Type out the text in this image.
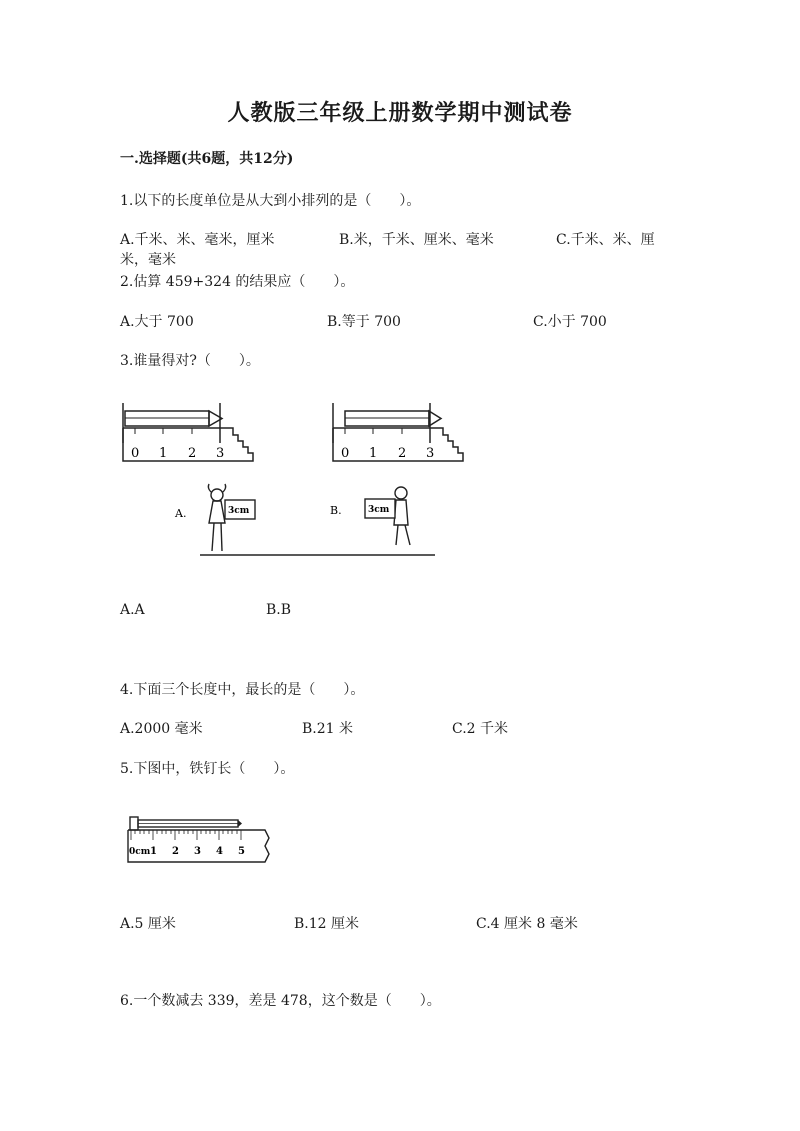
人教版三年级上册数学期中测试卷
一.选择题(共6题，共12分)
1.以下的长度单位是从大到小排列的是（　　）。
A.千米、米、毫米，厘米	B.米，千米、厘米、毫米	C.千米、米、厘
米，毫米
2.估算 459+324 的结果应（　　）。
A.大于 700	B.等于 700	C.小于 700
3.谁量得对?（　　）。
0 1 2 3	0 1 2 3
A.	B.
3cm	3cm
A.A	B.B
4.下面三个长度中，最长的是（　　）。
A.2000 毫米	B.21 米	C.2 千米
5.下图中，铁钉长（　　）。
0cm 1 2 3 4 5
A.5 厘米	B.12 厘米	C.4 厘米 8 毫米
6.一个数减去 339，差是 478，这个数是（　　）。
